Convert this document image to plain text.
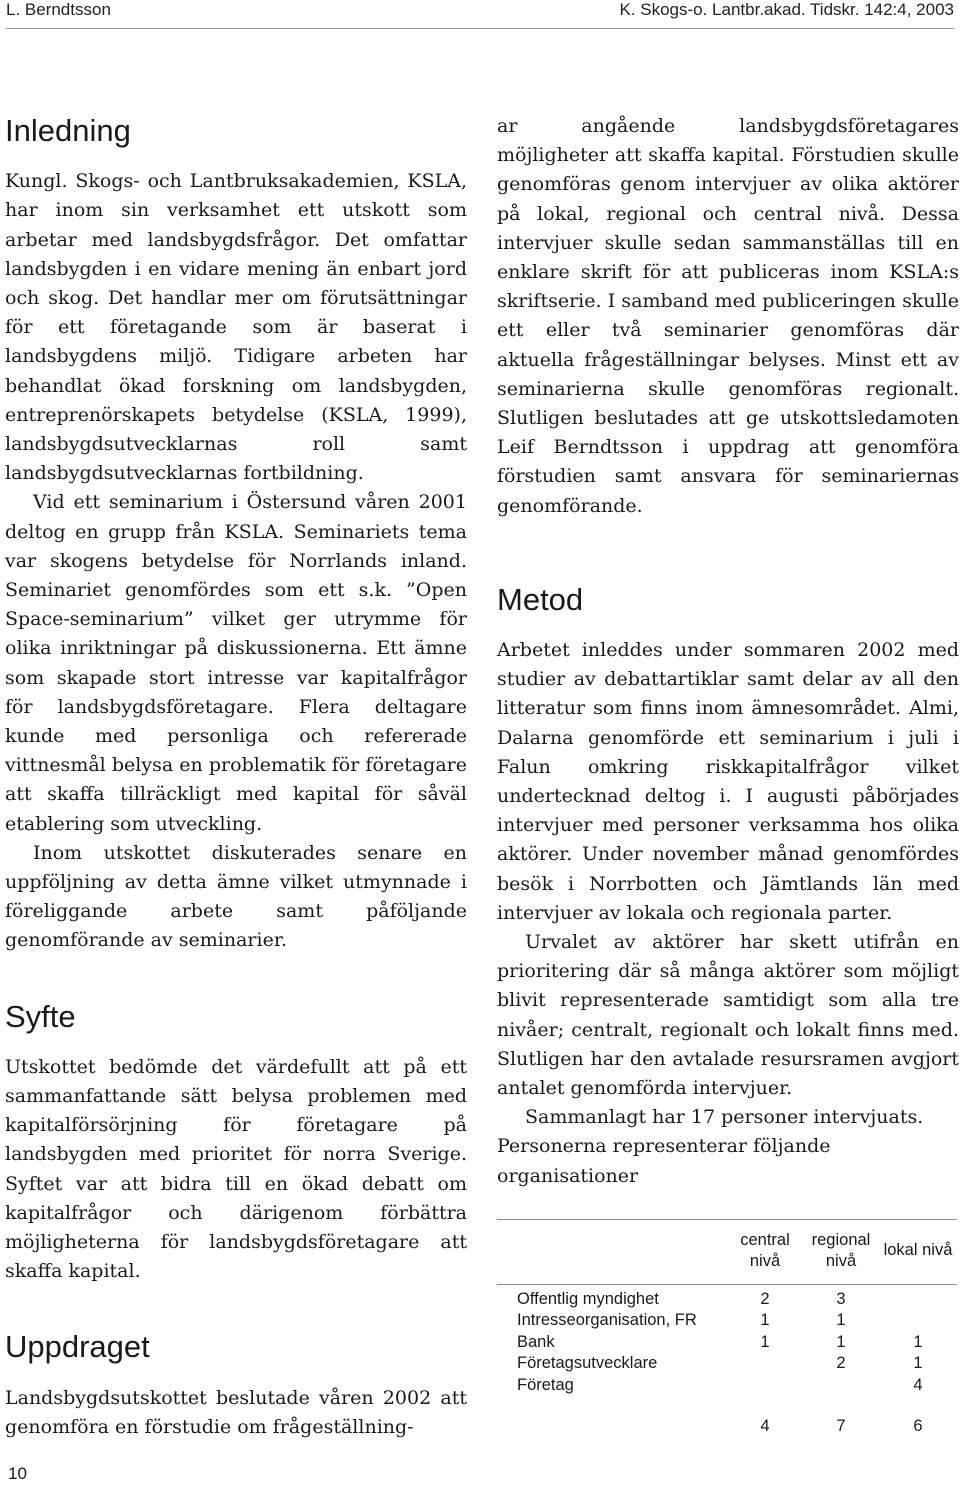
L. Berndtsson	K. Skogs-o. Lantbr.akad. Tidskr. 142:4, 2003
Inledning

Kungl. Skogs- och Lantbruksakademien, KSLA, har inom sin verksamhet ett utskott som arbetar med landsbygdsfrågor. Det omfattar landsbygden i en vidare mening än enbart jord och skog. Det handlar mer om förutsättningar för ett företagande som är baserat i landsbygdens miljö. Tidigare arbeten har behandlat ökad forskning om landsbygden, entreprenörskapets betydelse (KSLA, 1999), landsbygdsutvecklarnas roll samt landsbygdsutvecklarnas fortbildning.

Vid ett seminarium i Östersund våren 2001 deltog en grupp från KSLA. Seminariets tema var skogens betydelse för Norrlands inland. Seminariet genomfördes som ett s.k. ”Open Space-seminarium” vilket ger utrymme för olika inriktningar på diskussionerna. Ett ämne som skapade stort intresse var kapitalfrågor för landsbygdsföretagare. Flera deltagare kunde med personliga och refererade vittnesmål belysa en problematik för företagare att skaffa tillräckligt med kapital för såväl etablering som utveckling.

Inom utskottet diskuterades senare en uppföljning av detta ämne vilket utmynnade i föreliggande arbete samt påföljande genomförande av seminarier.

Syfte

Utskottet bedömde det värdefullt att på ett sammanfattande sätt belysa problemen med kapitalförsörjning för företagare på landsbygden med prioritet för norra Sverige. Syftet var att bidra till en ökad debatt om kapitalfrågor och därigenom förbättra möjligheterna för landsbygdsföretagare att skaffa kapital.

Uppdraget

Landsbygdsutskottet beslutade våren 2002 att genomföra en förstudie om frågeställning-

ar angående landsbygdsföretagares möjligheter att skaffa kapital. Förstudien skulle genomföras genom intervjuer av olika aktörer på lokal, regional och central nivå. Dessa intervjuer skulle sedan sammanställas till en enklare skrift för att publiceras inom KSLA:s skriftserie. I samband med publiceringen skulle ett eller två seminarier genomföras där aktuella frågeställningar belyses. Minst ett av seminarierna skulle genomföras regionalt. Slutligen beslutades att ge utskottsledamoten Leif Berndtsson i uppdrag att genomföra förstudien samt ansvara för seminariernas genomförande.

Metod

Arbetet inleddes under sommaren 2002 med studier av debattartiklar samt delar av all den litteratur som finns inom ämnesområdet. Almi, Dalarna genomförde ett seminarium i juli i Falun omkring riskkapitalfrågor vilket undertecknad deltog i. I augusti påbörjades intervjuer med personer verksamma hos olika aktörer. Under november månad genomfördes besök i Norrbotten och Jämtlands län med intervjuer av lokala och regionala parter.

Urvalet av aktörer har skett utifrån en prioritering där så många aktörer som möjligt blivit representerade samtidigt som alla tre nivåer; centralt, regionalt och lokalt finns med. Slutligen har den avtalade resursramen avgjort antalet genomförda intervjuer.

Sammanlagt har 17 personer intervjuats. Personerna representerar följande organisationer

	central nivå	regional nivå	lokal nivå
Offentlig myndighet	2	3	
Intresseorganisation, FR	1	1	
Bank	1	1	1
Företagsutvecklare		2	1
Företag			4

	4	7	6
10
